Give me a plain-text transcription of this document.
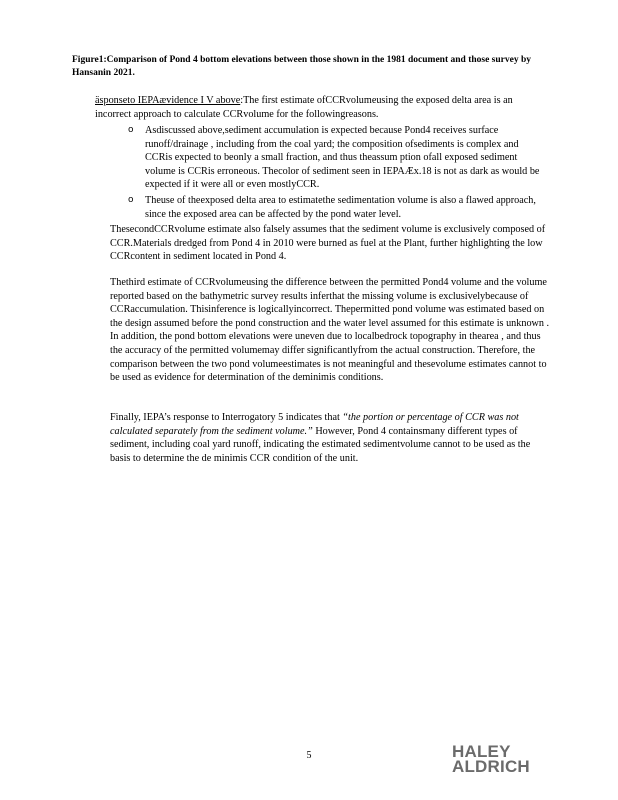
Figure1:Comparison of Pond 4 bottom elevations between those shown in the 1981 document and those survey by Hansanin 2021.
äsponseto IEPAævidence I V above:The first estimate ofCCRvolumeusing the exposed delta area is an incorrect approach to calculate CCRvolume for the followingreasons.
o Asdiscussed above,sediment accumulation is expected because Pond4 receives surface runoff/drainage , including from the coal yard; the composition ofsediments is complex and CCRis expected to beonly a small fraction, and thus theassum ption ofall exposed sediment volume is CCRis erroneous. Thecolor of sediment seen in IEPAÆx.18 is not as dark as would be expected if it were all or even mostlyCCR.
o Theuse of theexposed delta area to estimatethe sedimentation volume is also a flawed approach, since the exposed area can be affected by the pond water level.

ThesecondCCRvolume estimate also falsely assumes that the sediment volume is exclusively composed of CCR.Materials dredged from Pond 4 in 2010 were burned as fuel at the Plant, further highlighting the low CCRcontent in sediment located in Pond 4.

Thethird estimate of CCRvolumeusing the difference between the permitted Pond4 volume and the volume reported based on the bathymetric survey results inferthat the missing volume is exclusivelybecause of CCRaccumulation. Thisinference is logicallyincorrect. Thepermitted pond volume was estimated based on the design assumed before the pond construction and the water level assumed for this estimate is unknown . In addition, the pond bottom elevations were uneven due to localbedrock topography in thearea , and thus the accuracy of the permitted volumemay differ significantlyfrom the actual construction. Therefore, the comparison between the two pond volumeestimates is not meaningful and thesevolume estimates cannot to be used as evidence for determination of the deminimis conditions.

Finally, IEPA’s response to Interrogatory 5 indicates that “the portion or percentage of CCR was not calculated separately from the sediment volume.” However, Pond 4 containsmany different types of sediment, including coal yard runoff, indicating the estimated sedimentvolume cannot to be used as the basis to determine the de minimis CCR condition of the unit.

5	HALEY
ALDRICH
